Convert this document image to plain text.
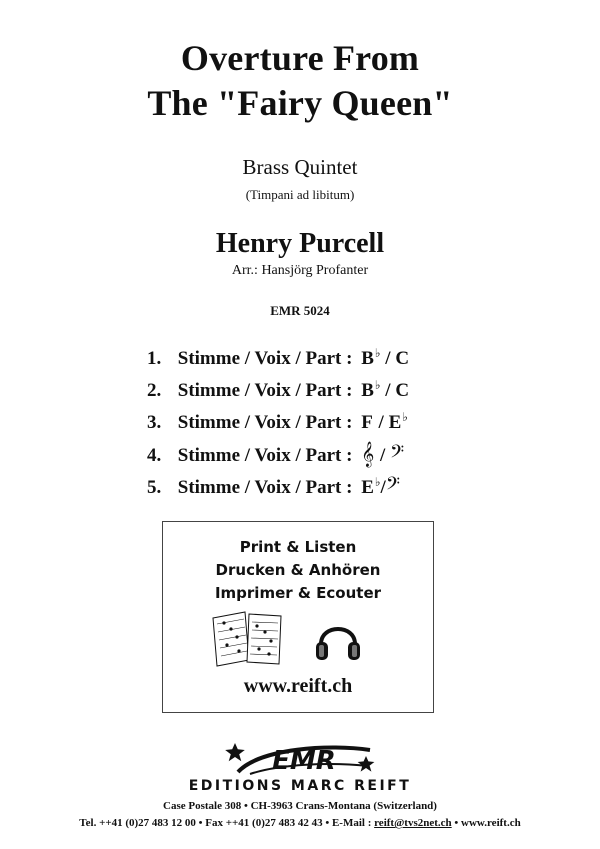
Overture From
The "Fairy Queen"
Brass Quintet
(Timpani ad libitum)
Henry Purcell
Arr.: Hansjörg Profanter
EMR 5024
1. Stimme / Voix / Part : B♭ / C
2. Stimme / Voix / Part : B♭ / C
3. Stimme / Voix / Part : F / E♭
4. Stimme / Voix / Part : 𝄞 / 𝄢
5. Stimme / Voix / Part : E♭/𝄢
Print & Listen
Drucken & Anhören
Imprimer & Ecouter
www.reift.ch
EMR
EDITIONS MARC REIFT
Case Postale 308 • CH-3963 Crans-Montana (Switzerland)
Tel. ++41 (0)27 483 12 00 • Fax ++41 (0)27 483 42 43 • E-Mail : reift@tvs2net.ch • www.reift.ch
